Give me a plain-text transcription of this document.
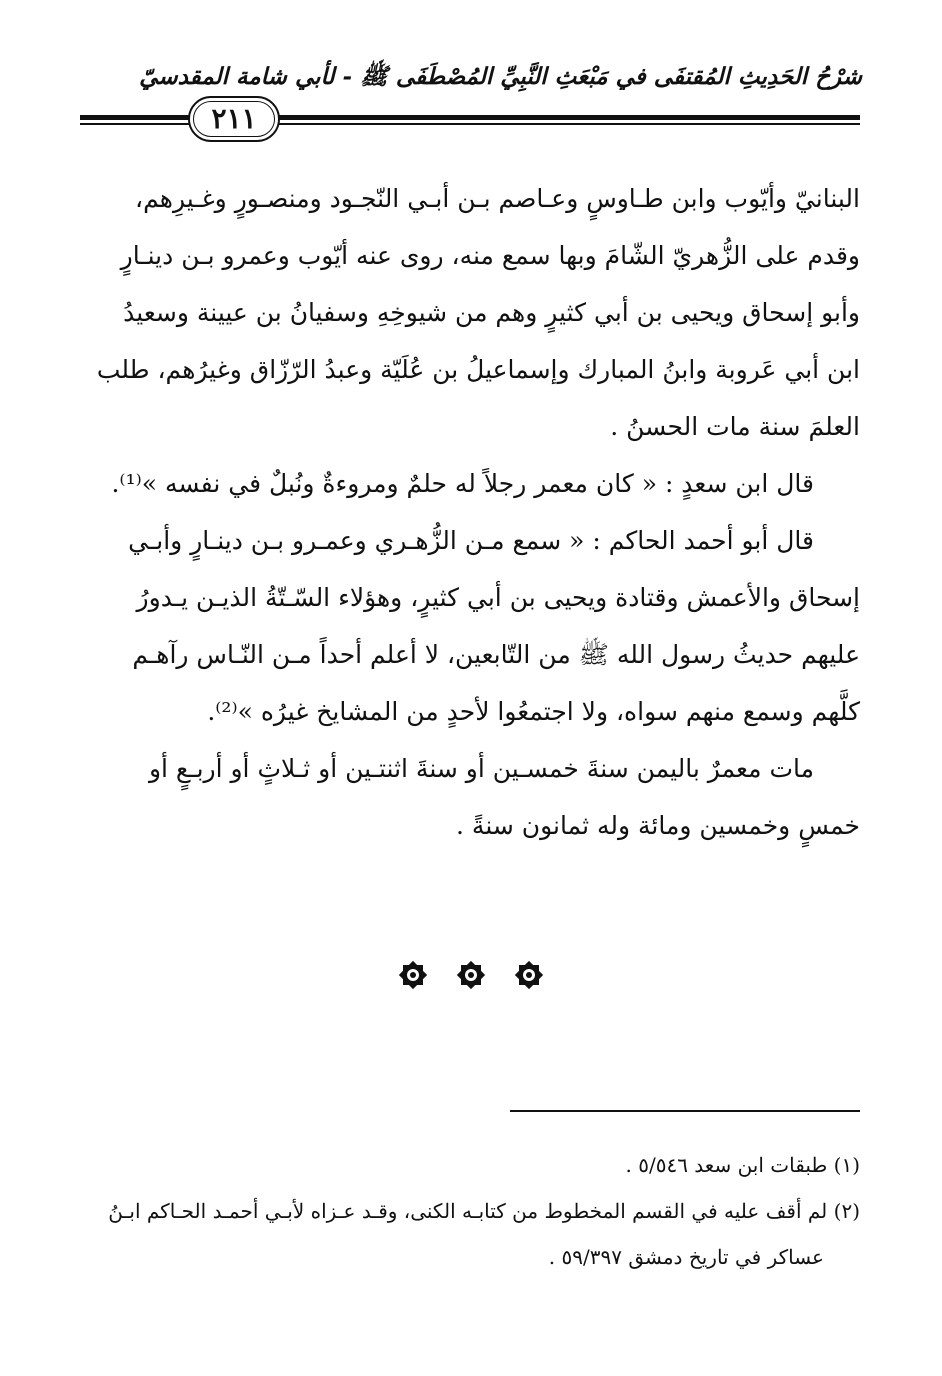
شرْحُ الحَدِيثِ المُقتفَى في مَبْعَثِ النَّبِيِّ المُصْطَفَى ﷺ - لأبي شامة المقدسيّ
٢١١
البنانيّ وأيّوب وابن طـاوسٍ وعـاصم بـن أبـي النّجـود ومنصـورٍ وغـيرِهم،
وقدم على الزُّهريّ الشّامَ وبها سمع منه، روى عنه أيّوب وعمرو بـن دينـارٍ
وأبو إسحاق ويحيى بن أبي كثيرٍ وهم من شيوخِهِ وسفيانُ بن عيينة وسعيدُ
ابن أبي عَروبة وابنُ المبارك وإسماعيلُ بن عُلَيّة وعبدُ الرّزّاق وغيرُهم، طلب
العلمَ سنة مات الحسنُ .
قال ابن سعدٍ : « كان معمر رجلاً له حلمٌ ومروءةٌ ونُبلٌ في نفسه »⁽¹⁾.
قال أبو أحمد الحاكم : « سمع مـن الزُّهـري وعمـرو بـن دينـارٍ وأبـي
إسحاق والأعمش وقتادة ويحيى بن أبي كثيرٍ، وهؤلاء السّـتّةُ الذيـن يـدورُ
عليهم حديثُ رسول الله ﷺ من التّابعين، لا أعلم أحداً مـن النّـاس رآهـم
كلَّهم وسمع منهم سواه، ولا اجتمعُوا لأحدٍ من المشايخ غيرُه »⁽²⁾.
مات معمرٌ باليمن سنةَ خمسـين أو سنةَ اثنتـين أو ثـلاثٍ أو أربـعٍ أو
خمسٍ وخمسين ومائة وله ثمانون سنةً .
(١) طبقات ابن سعد ٥/٥٤٦ .
(٢) لم أقف عليه في القسم المخطوط من كتابـه الكنى، وقـد عـزاه لأبـي أحمـد الحـاكم ابـنُ
عساكر في تاريخ دمشق ٥٩/٣٩٧ .
